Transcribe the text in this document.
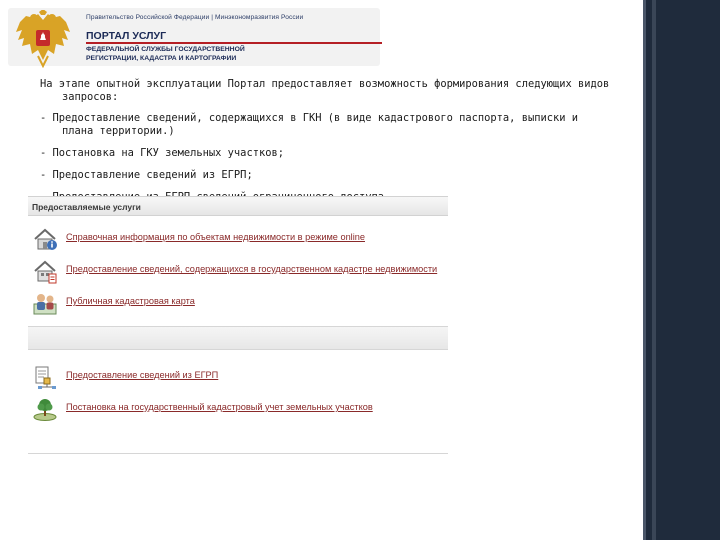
Правительство Российской Федерации | Минэкономразвития России
ПОРТАЛ УСЛУГ
ФЕДЕРАЛЬНОЙ СЛУЖБЫ ГОСУДАРСТВЕННОЙ
РЕГИСТРАЦИИ, КАДАСТРА И КАРТОГРАФИИ

На этапе опытной эксплуатации Портал предоставляет возможность формирования следующих видов запросов:

- Предоставление сведений, содержащихся в ГКН (в виде кадастрового паспорта, выписки и плана территории.)

- Постановка на ГКУ земельных участков;

- Предоставление сведений из ЕГРП;

Предоставляемые услуги
Справочная информация по объектам недвижимости в режиме online
Предоставление сведений, содержащихся в государственном кадастре недвижимости
Публичная кадастровая карта
Предоставление сведений из ЕГРП
Постановка на государственный кадастровый учет земельных участков
